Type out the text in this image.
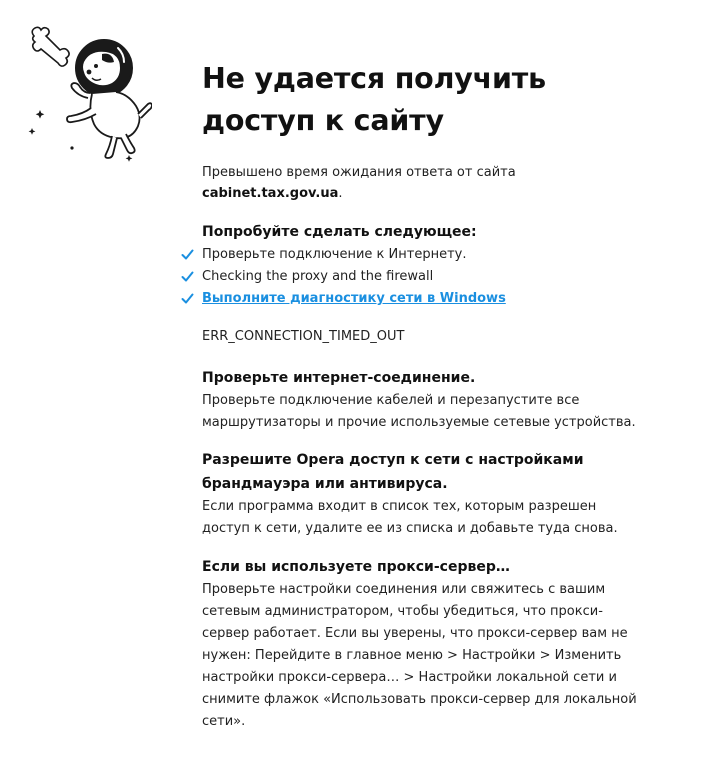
Не удается получить доступ к сайту
Превышено время ожидания ответа от сайта
cabinet.tax.gov.ua.
Попробуйте сделать следующее:
Проверьте подключение к Интернету.
Checking the proxy and the firewall
Выполните диагностику сети в Windows
ERR_CONNECTION_TIMED_OUT
Проверьте интернет-соединение.
Проверьте подключение кабелей и перезапустите все маршрутизаторы и прочие используемые сетевые устройства.
Разрешите Opera доступ к сети с настройками брандмауэра или антивируса.
Если программа входит в список тех, которым разрешен доступ к сети, удалите ее из списка и добавьте туда снова.
Если вы используете прокси-сервер…
Проверьте настройки соединения или свяжитесь с вашим сетевым администратором, чтобы убедиться, что прокси-сервер работает. Если вы уверены, что прокси-сервер вам не нужен: Перейдите в главное меню > Настройки > Изменить настройки прокси-сервера… > Настройки локальной сети и снимите флажок «Использовать прокси-сервер для локальной сети».
